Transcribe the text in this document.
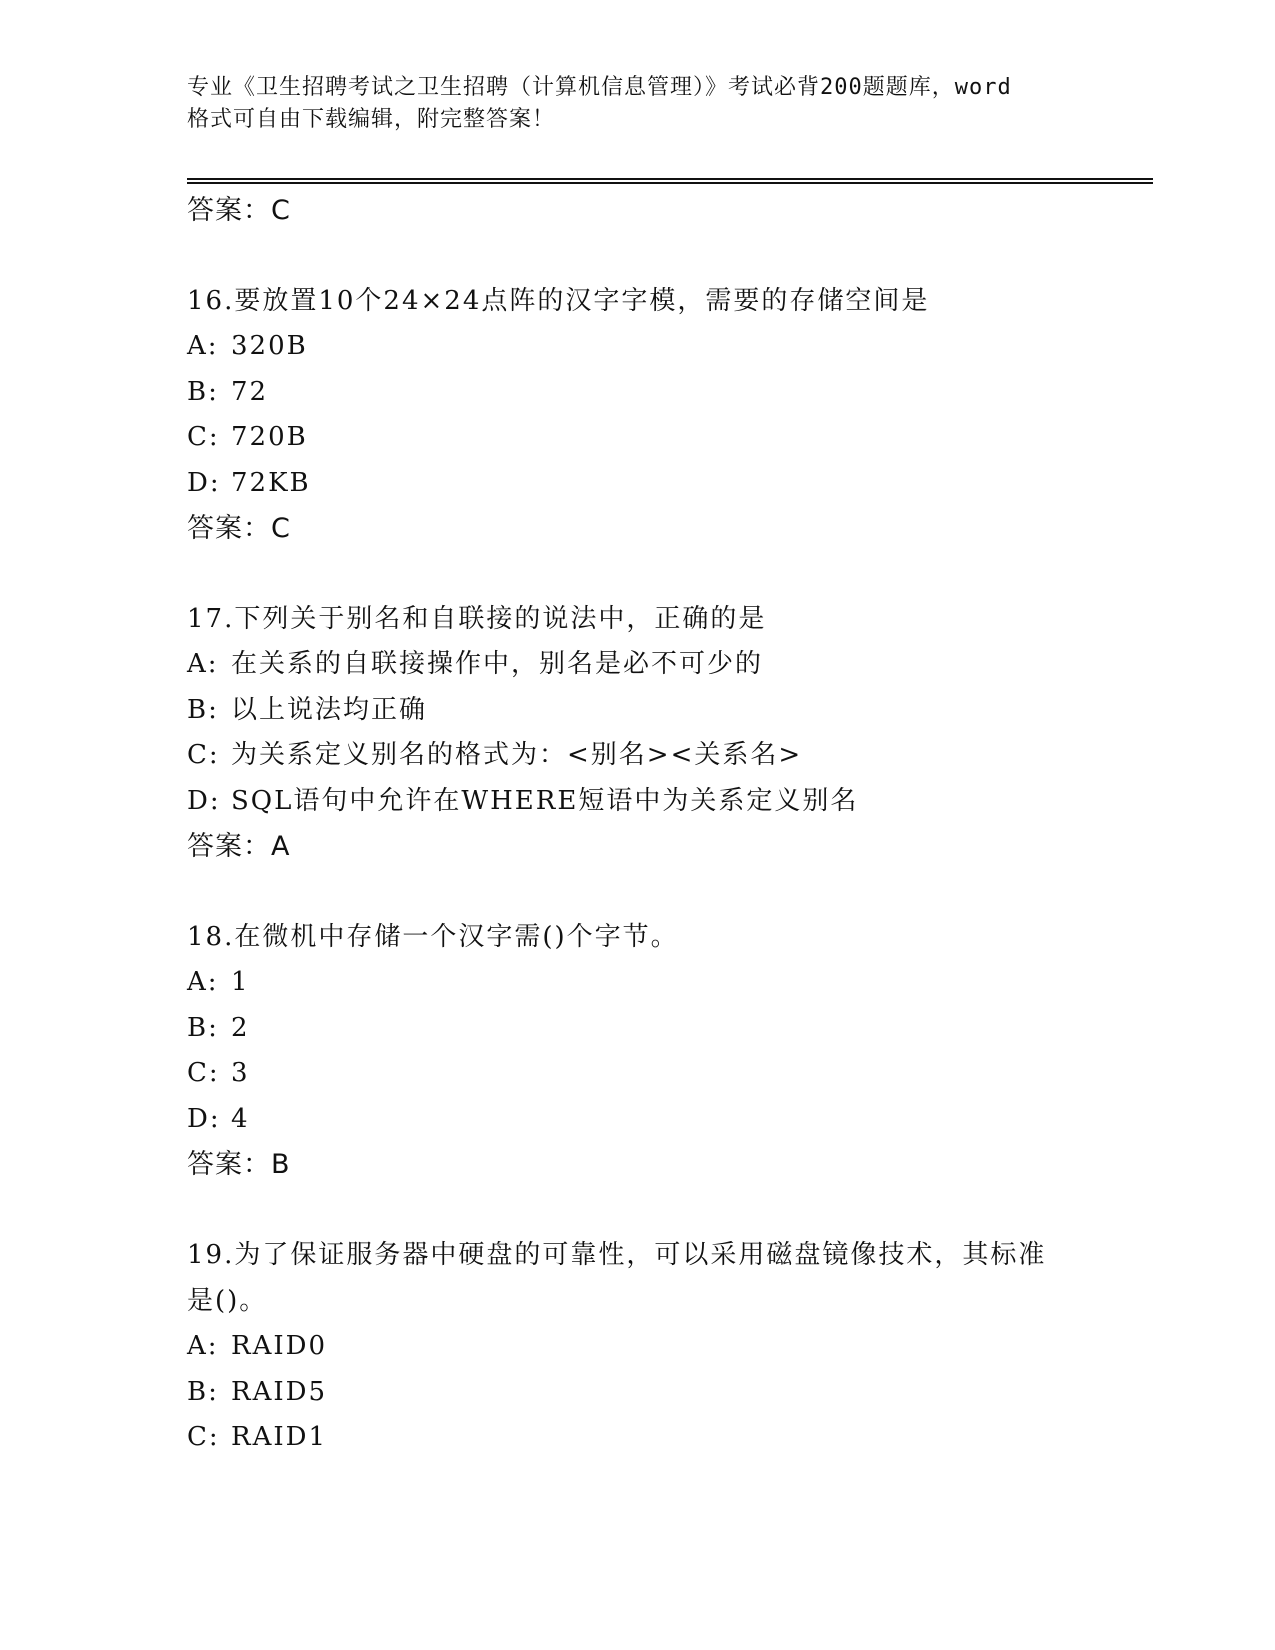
专业《卫生招聘考试之卫生招聘（计算机信息管理）》考试必背200题题库，word
格式可自由下载编辑，附完整答案！
答案：C
16.要放置10个24×24点阵的汉字字模，需要的存储空间是
A: 320B
B: 72
C: 720B
D: 72KB
答案：C
17.下列关于别名和自联接的说法中，正确的是
A: 在关系的自联接操作中，别名是必不可少的
B: 以上说法均正确
C: 为关系定义别名的格式为：<别名><关系名>
D: SQL语句中允许在WHERE短语中为关系定义别名
答案：A
18.在微机中存储一个汉字需()个字节。
A: 1
B: 2
C: 3
D: 4
答案：B
19.为了保证服务器中硬盘的可靠性，可以采用磁盘镜像技术，其标准是()。
A: RAID0
B: RAID5
C: RAID1
